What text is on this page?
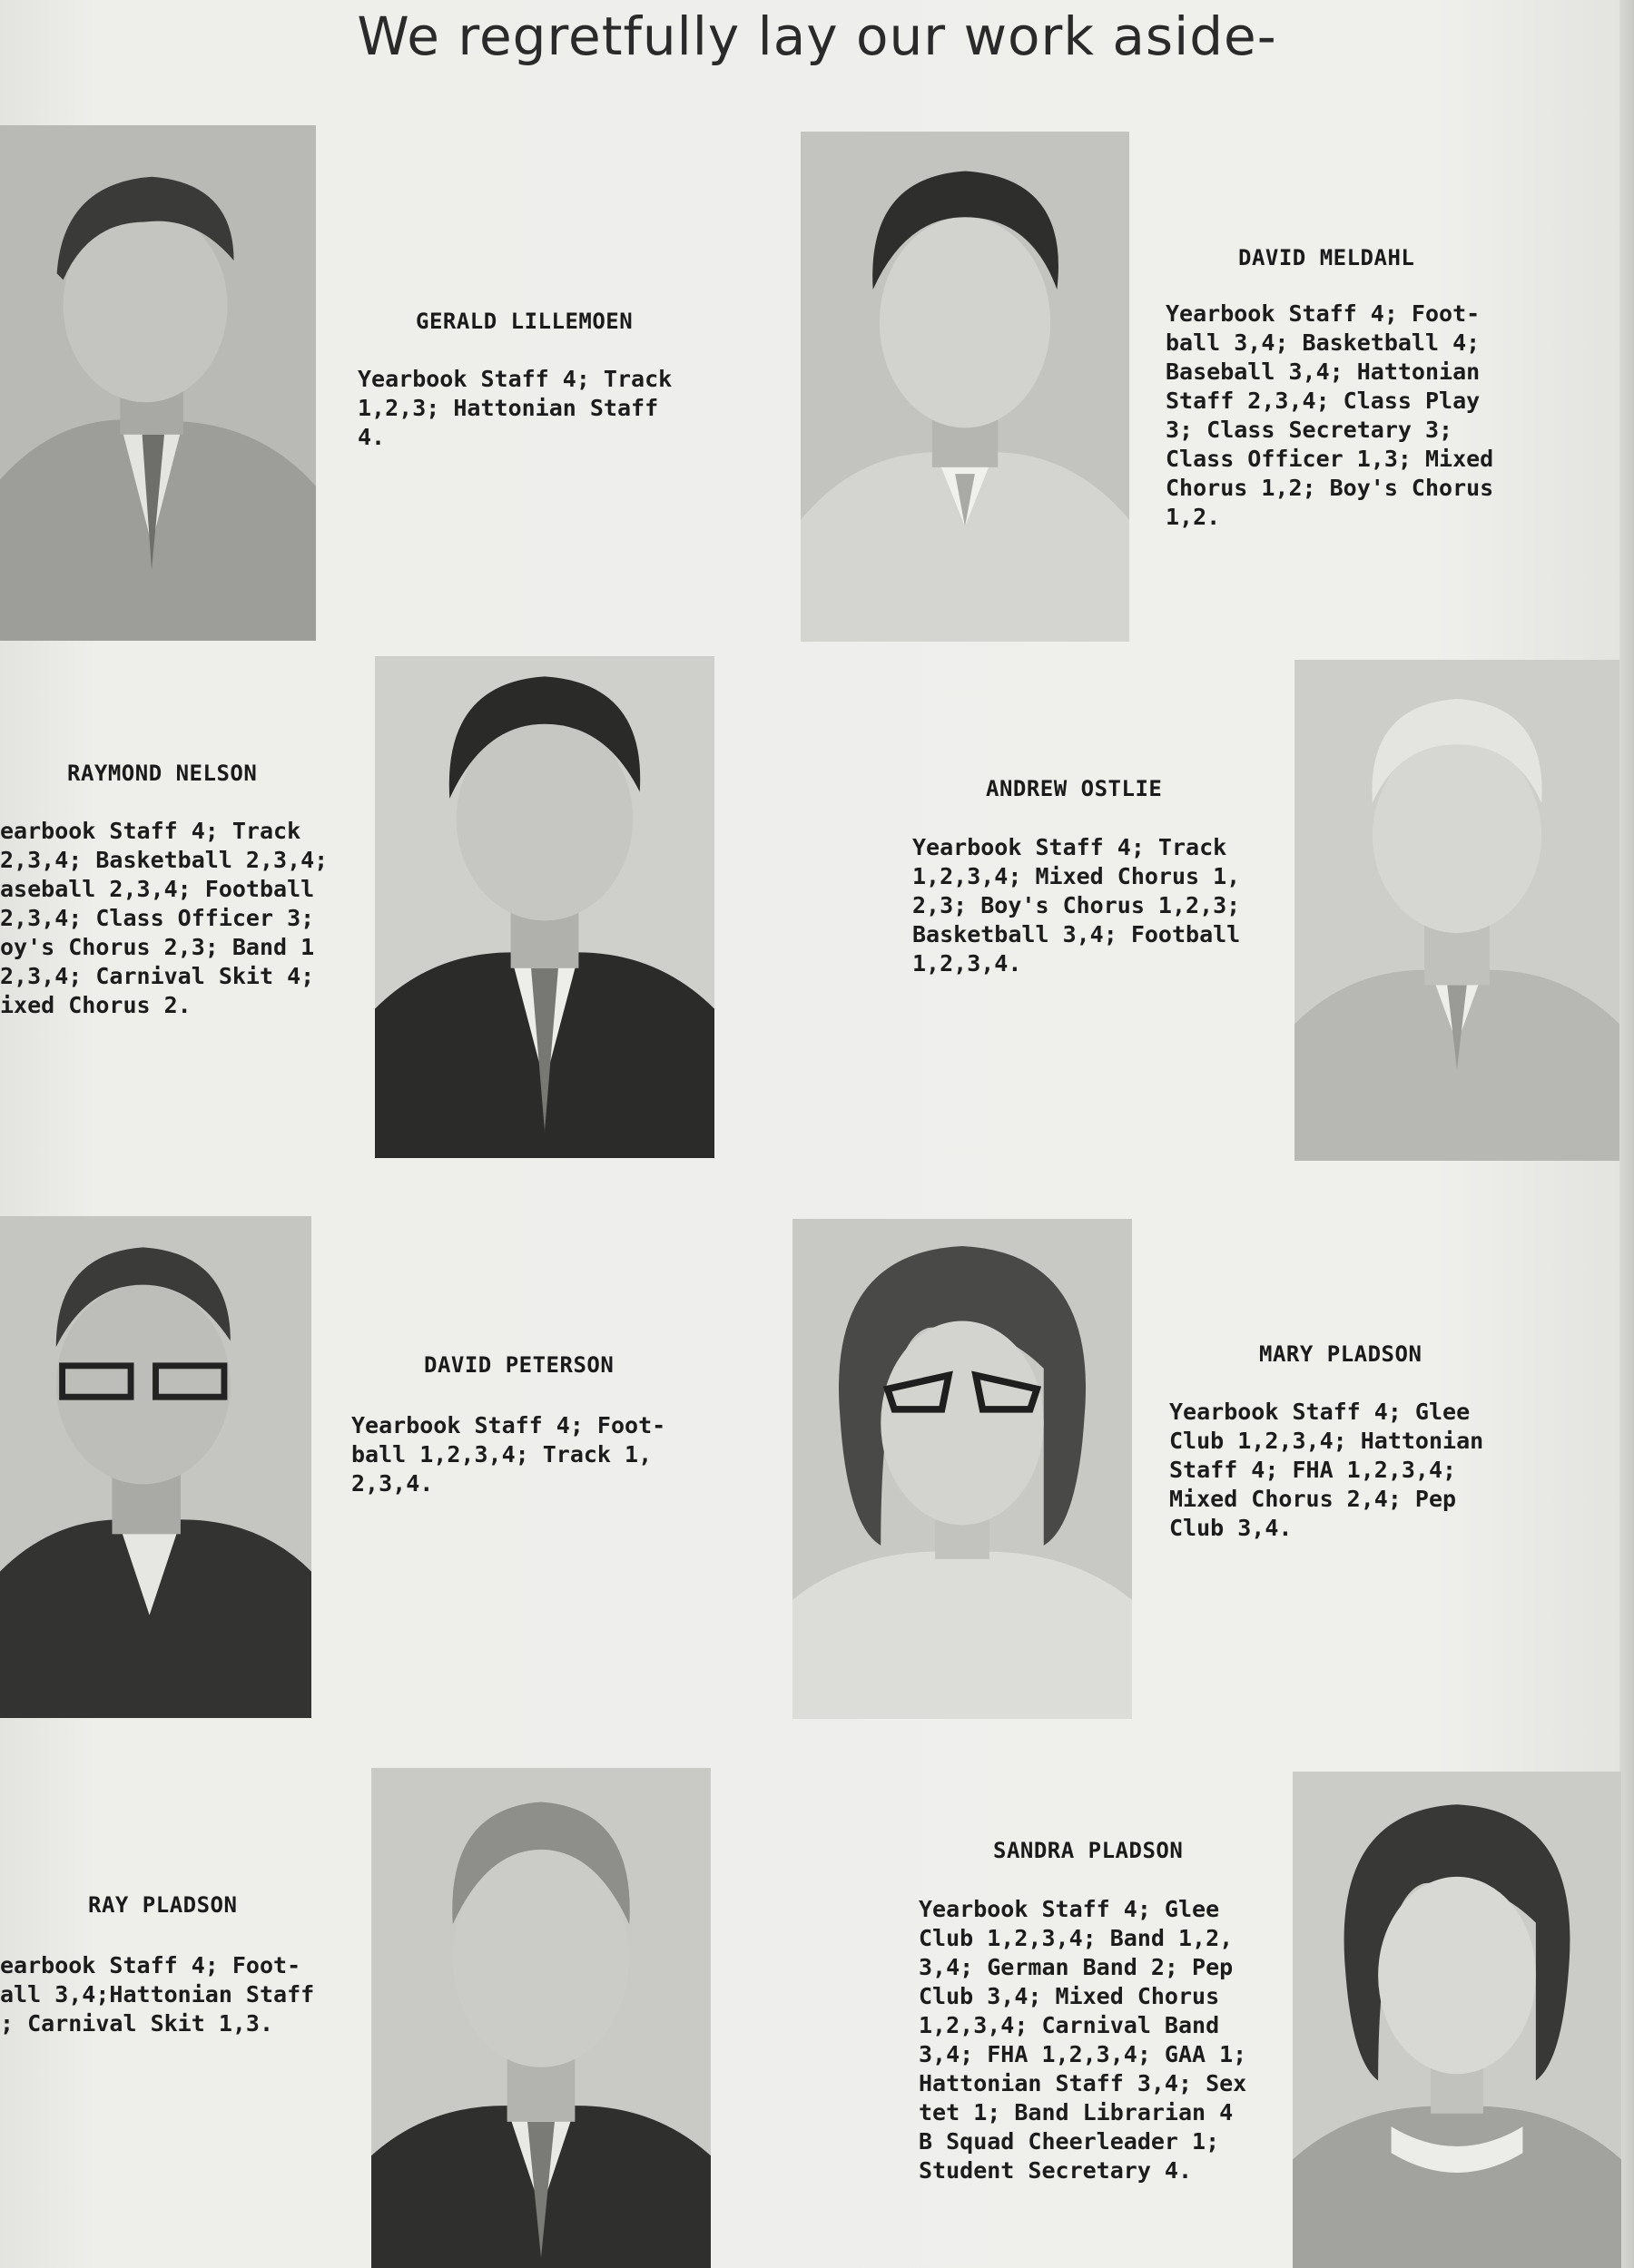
We regretfully lay our work aside-
GERALD LILLEMOEN
Yearbook Staff 4; Track
1,2,3; Hattonian Staff
4.
DAVID MELDAHL
Yearbook Staff 4; Foot-
ball 3,4; Basketball 4;
Baseball 3,4; Hattonian
Staff 2,3,4; Class Play
3; Class Secretary 3;
Class Officer 1,3; Mixed
Chorus 1,2; Boy's Chorus
1,2.
RAYMOND NELSON
earbook Staff 4; Track
2,3,4; Basketball 2,3,4;
aseball 2,3,4; Football
2,3,4; Class Officer 3;
oy's Chorus 2,3; Band 1
2,3,4; Carnival Skit 4;
ixed Chorus 2.
ANDREW OSTLIE
Yearbook Staff 4; Track
1,2,3,4; Mixed Chorus 1,
2,3; Boy's Chorus 1,2,3;
Basketball 3,4; Football
1,2,3,4.
DAVID PETERSON
Yearbook Staff 4; Foot-
ball 1,2,3,4; Track 1,
2,3,4.
MARY PLADSON
Yearbook Staff 4; Glee
Club 1,2,3,4; Hattonian
Staff 4; FHA 1,2,3,4;
Mixed Chorus 2,4; Pep
Club 3,4.
RAY PLADSON
earbook Staff 4; Foot-
all 3,4;Hattonian Staff
; Carnival Skit 1,3.
SANDRA PLADSON
Yearbook Staff 4; Glee
Club 1,2,3,4; Band 1,2,
3,4; German Band 2; Pep
Club 3,4; Mixed Chorus
1,2,3,4; Carnival Band
3,4; FHA 1,2,3,4; GAA 1;
Hattonian Staff 3,4; Sex
tet 1; Band Librarian 4
B Squad Cheerleader 1;
Student Secretary 4.
